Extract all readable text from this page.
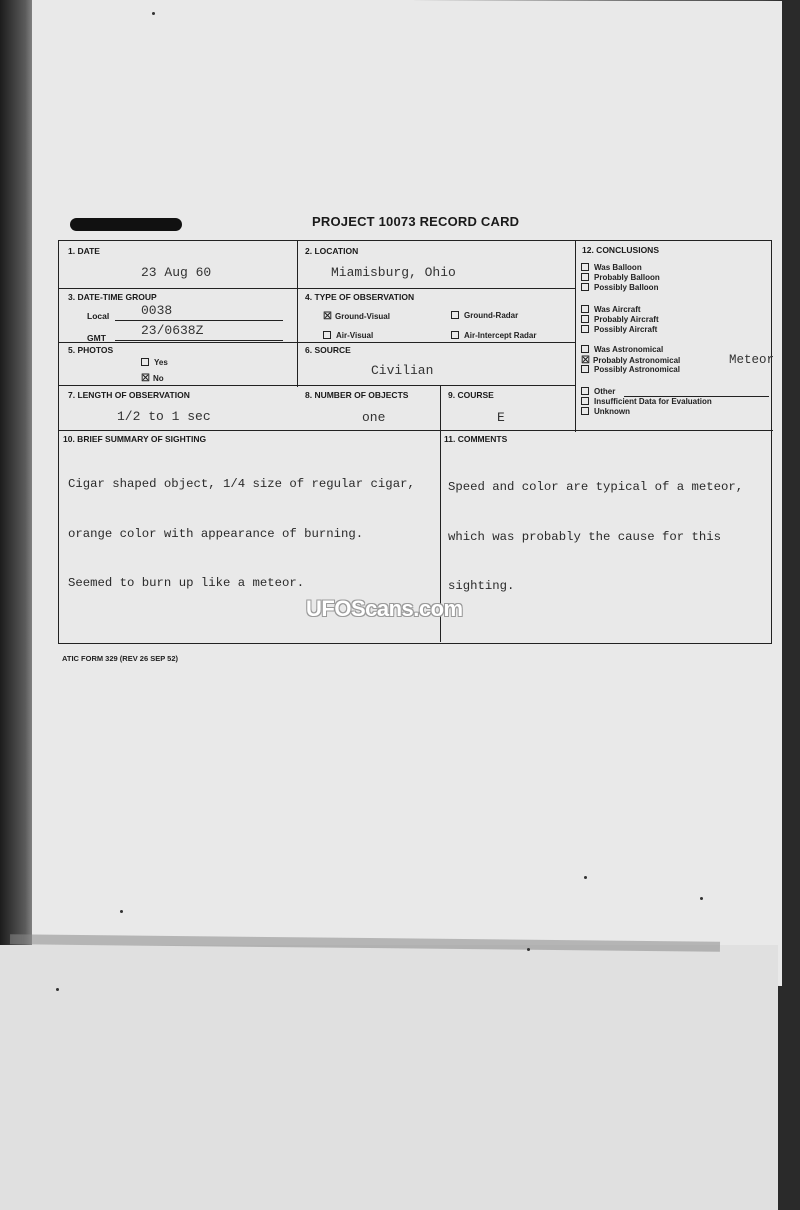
PROJECT 10073 RECORD CARD
1. DATE
23 Aug 60
2. LOCATION
Miamisburg, Ohio
3. DATE-TIME GROUP
Local 0038
GMT	23/0638Z
4. TYPE OF OBSERVATION
☒ Ground-Visual	Ground-Radar
Air-Visual	Air-Intercept Radar
5. PHOTOS
Yes
☒ No
6. SOURCE
Civilian
7. LENGTH OF OBSERVATION
1/2 to 1 sec
8. NUMBER OF OBJECTS
one
9. COURSE
E
12. CONCLUSIONS
Was Balloon
Probably Balloon
Possibly Balloon
Was Aircraft
Probably Aircraft
Possibly Aircraft
Was Astronomical
☒ Probably Astronomical
Possibly Astronomical
Other
Insufficient Data for Evaluation
Unknown
Meteor
10. BRIEF SUMMARY OF SIGHTING

Cigar shaped object, 1/4 size of regular cigar,

orange color with appearance of burning.

Seemed to burn up like a meteor.

11. COMMENTS

Speed and color are typical of a meteor,

which was probably the cause for this

sighting.

ATIC FORM 329 (REV 26 SEP 52)
UFOScans.com
